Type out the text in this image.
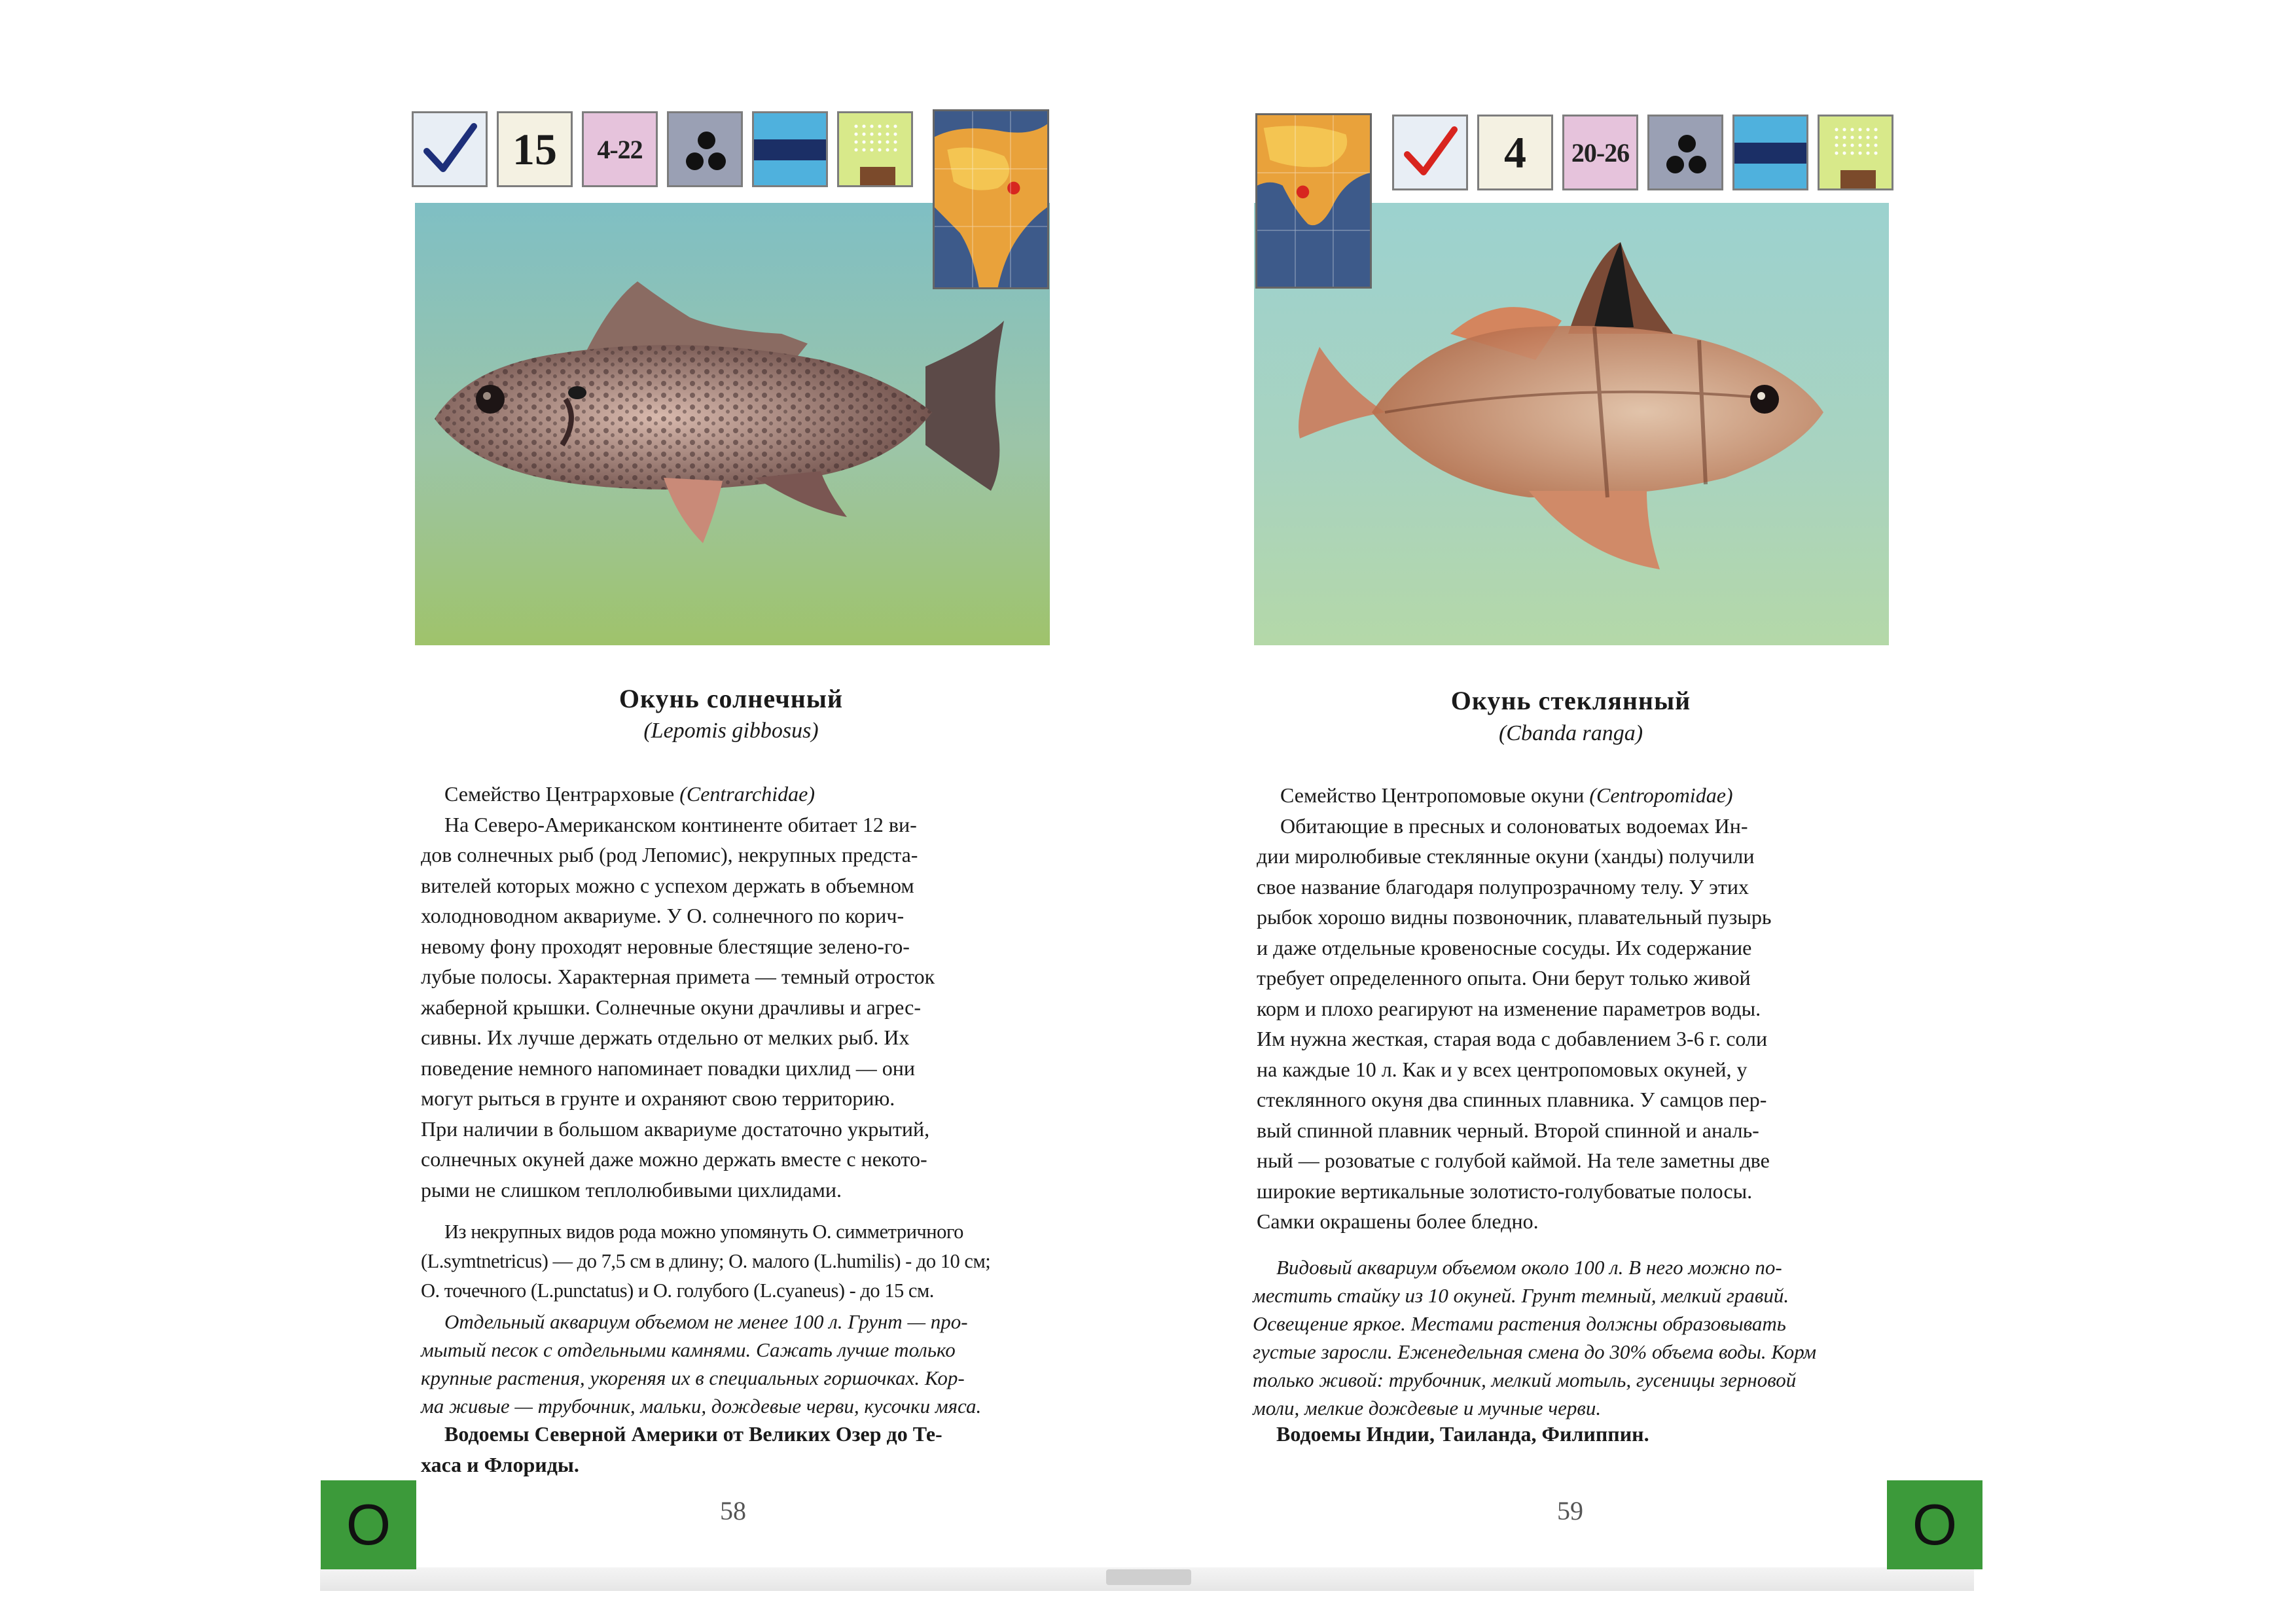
15	4-22
Окунь солнечный
(Lepomis gibbosus)

Семейство Центрарховые (Centrarchidae)

На Северо-Американском континенте обитает 12 ви-

дов солнечных рыб (род Лепомис), некрупных предста-

вителей которых можно с успехом держать в объемном

холодноводном аквариуме. У О. солнечного по корич-

невому фону проходят неровные блестящие зелено-го-

лубые полосы. Характерная примета — темный отросток

жаберной крышки. Солнечные окуни драчливы и агрес-

сивны. Их лучше держать отдельно от мелких рыб. Их

поведение немного напоминает повадки цихлид — они

могут рыться в грунте и охраняют свою территорию.

При наличии в большом аквариуме достаточно укрытий,

солнечных окуней даже можно держать вместе с некото-

рыми не слишком теплолюбивыми цихлидами.

Из некрупных видов рода можно упомянуть О. симметричного

(L.symtnetricus) — до 7,5 см в длину; О. малого (L.humilis) - до 10 см;

О. точечного (L.punctatus) и О. голубого (L.cyaneus) - до 15 см.

Отдельный аквариум объемом не менее 100 л. Грунт — про-

мытый песок с отдельными камнями. Сажать лучше только

крупные растения, укореняя их в специальных горшочках. Кор-

ма живые — трубочник, мальки, дождевые черви, кусочки мяса.

Водоемы Северной Америки от Великих Озер до Те-

хаса и Флориды.

58
О
4	20-26
Окунь стеклянный
(Cbanda ranga)

Семейство Центропомовые окуни (Centropomidae)

Обитающие в пресных и солоноватых водоемах Ин-

дии миролюбивые стеклянные окуни (ханды) получили

свое название благодаря полупрозрачному телу. У этих

рыбок хорошо видны позвоночник, плавательный пузырь

и даже отдельные кровеносные сосуды. Их содержание

требует определенного опыта. Они берут только живой

корм и плохо реагируют на изменение параметров воды.

Им нужна жесткая, старая вода с добавлением 3-6 г. соли

на каждые 10 л. Как и у всех центропомовых окуней, у

стеклянного окуня два спинных плавника. У самцов пер-

вый спинной плавник черный. Второй спинной и аналь-

ный — розоватые с голубой каймой. На теле заметны две

широкие вертикальные золотисто-голубоватые полосы.

Самки окрашены более бледно.

Видовый аквариум объемом около 100 л. В него можно по-

местить стайку из 10 окуней. Грунт темный, мелкий гравий.

Освещение яркое. Местами растения должны образовывать

густые заросли. Еженедельная смена до 30% объема воды. Корм

только живой: трубочник, мелкий мотыль, гусеницы зерновой

моли, мелкие дождевые и мучные черви.

Водоемы Индии, Таиланда, Филиппин.

59	О
